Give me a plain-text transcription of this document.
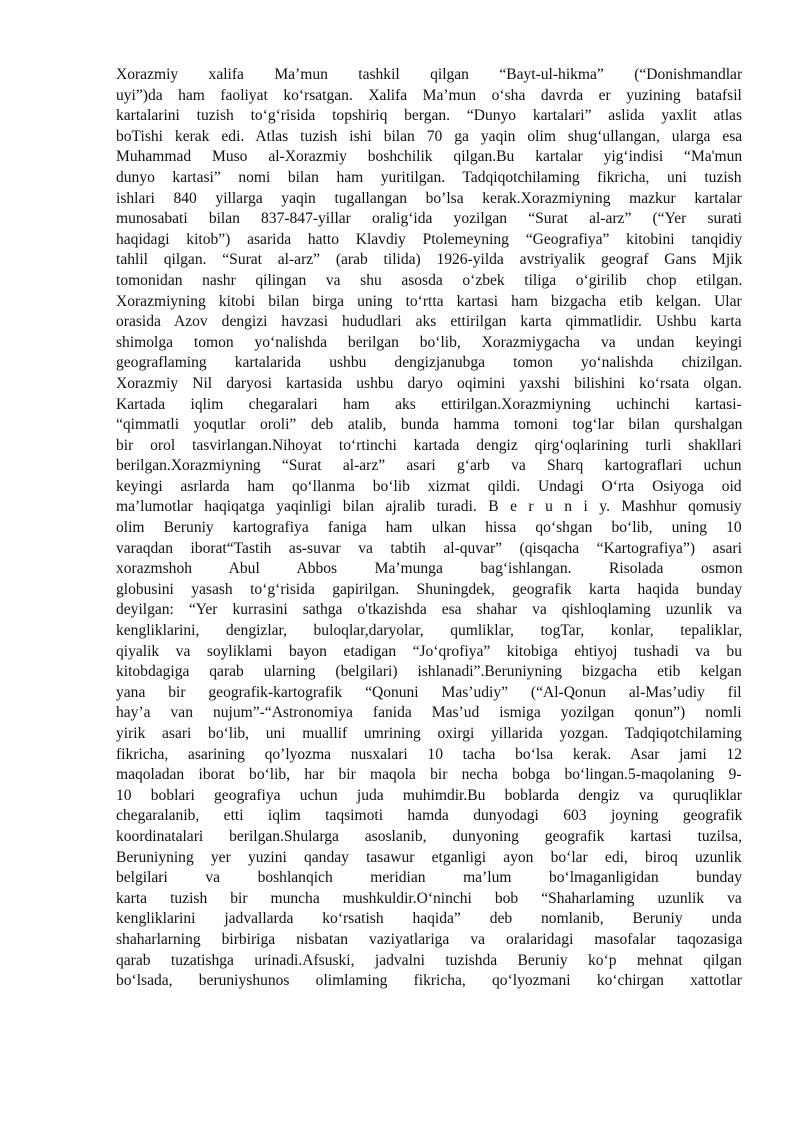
Xorazmiy xalifa Ma’mun tashkil qilgan “Bayt-ul-hikma” (“Donishmandlar
uyi”)da ham faoliyat ko‘rsatgan. Xalifa Ma’mun o‘sha davrda er yuzining batafsil
kartalarini tuzish to‘g‘risida topshiriq bergan. “Dunyo kartalari” aslida yaxlit atlas
boTishi kerak edi. Atlas tuzish ishi bilan 70 ga yaqin olim shug‘ullangan, ularga esa
Muhammad Muso al-Xorazmiy boshchilik qilgan.Bu kartalar yig‘indisi “Ma'mun
dunyo kartasi” nomi bilan ham yuritilgan. Tadqiqotchilaming fikricha, uni tuzish
ishlari 840 yillarga yaqin tugallangan bo’lsa kerak.Xorazmiyning mazkur kartalar
munosabati bilan 837-847-yillar oralig‘ida yozilgan “Surat al-arz” (“Yer surati
haqidagi kitob”) asarida hatto Klavdiy Ptolemeyning “Geografiya” kitobini tanqidiy
tahlil qilgan. “Surat al-arz” (arab tilida) 1926-yilda avstriyalik geograf Gans Mjik
tomonidan nashr qilingan va shu asosda o‘zbek tiliga o‘girilib chop etilgan.
Xorazmiyning kitobi bilan birga uning to‘rtta kartasi ham bizgacha etib kelgan. Ular
orasida Azov dengizi havzasi hududlari aks ettirilgan karta qimmatlidir. Ushbu karta
shimolga tomon yo‘nalishda berilgan bo‘lib, Xorazmiygacha va undan keyingi
geograflaming kartalarida ushbu dengizjanubga tomon yo‘nalishda chizilgan.
Xorazmiy Nil daryosi kartasida ushbu daryo oqimini yaxshi bilishini ko‘rsata olgan.
Kartada iqlim chegaralari ham aks ettirilgan.Xorazmiyning uchinchi kartasi-
“qimmatli yoqutlar oroli” deb atalib, bunda hamma tomoni tog‘lar bilan qurshalgan
bir orol tasvirlangan.Nihoyat to‘rtinchi kartada dengiz qirg‘oqlarining turli shakllari
berilgan.Xorazmiyning “Surat al-arz” asari g‘arb va Sharq kartograflari uchun
keyingi asrlarda ham qo‘llanma bo‘lib xizmat qildi. Undagi O‘rta Osiyoga oid
ma’lumotlar haqiqatga yaqinligi bilan ajralib turadi. B e r u n i y. Mashhur qomusiy
olim Beruniy kartografiya faniga ham ulkan hissa qo‘shgan bo‘lib, uning 10
varaqdan iborat“Tastih as-suvar va tabtih al-quvar” (qisqacha “Kartografiya”) asari
xorazmshoh Abul Abbos Ma’munga bag‘ishlangan. Risolada osmon
globusini yasash to‘g‘risida gapirilgan. Shuningdek, geografik karta haqida bunday
deyilgan: “Yer kurrasini sathga o'tkazishda esa shahar va qishloqlaming uzunlik va
kengliklarini, dengizlar, buloqlar,daryolar, qumliklar, togTar, konlar, tepaliklar,
qiyalik va soyliklami bayon etadigan “Jo‘qrofiya” kitobiga ehtiyoj tushadi va bu
kitobdagiga qarab ularning (belgilari) ishlanadi”.Beruniyning bizgacha etib kelgan
yana bir geografik-kartografik “Qonuni Mas’udiy” (“Al-Qonun al-Mas’udiy fil
hay’a van nujum”-“Astronomiya fanida Mas’ud ismiga yozilgan qonun”) nomli
yirik asari bo‘lib, uni muallif umrining oxirgi yillarida yozgan. Tadqiqotchilaming
fikricha, asarining qo’lyozma nusxalari 10 tacha bo‘lsa kerak. Asar jami 12
maqoladan iborat bo‘lib, har bir maqola bir necha bobga bo‘lingan.5-maqolaning 9-
10 boblari geografiya uchun juda muhimdir.Bu boblarda dengiz va quruqliklar
chegaralanib, etti iqlim taqsimoti hamda dunyodagi 603 joyning geografik
koordinatalari berilgan.Shularga asoslanib, dunyoning geografik kartasi tuzilsa,
Beruniyning yer yuzini qanday tasawur etganligi ayon bo‘lar edi, biroq uzunlik
belgilari va boshlanqich meridian ma’lum bo‘lmaganligidan bunday
karta tuzish bir muncha mushkuldir.O‘ninchi bob “Shaharlaming uzunlik va
kengliklarini jadvallarda ko‘rsatish haqida” deb nomlanib, Beruniy unda
shaharlarning birbiriga nisbatan vaziyatlariga va oralaridagi masofalar taqozasiga
qarab tuzatishga urinadi.Afsuski, jadvalni tuzishda Beruniy ko‘p mehnat qilgan
bo‘lsada, beruniyshunos olimlaming fikricha, qo‘lyozmani ko‘chirgan xattotlar
